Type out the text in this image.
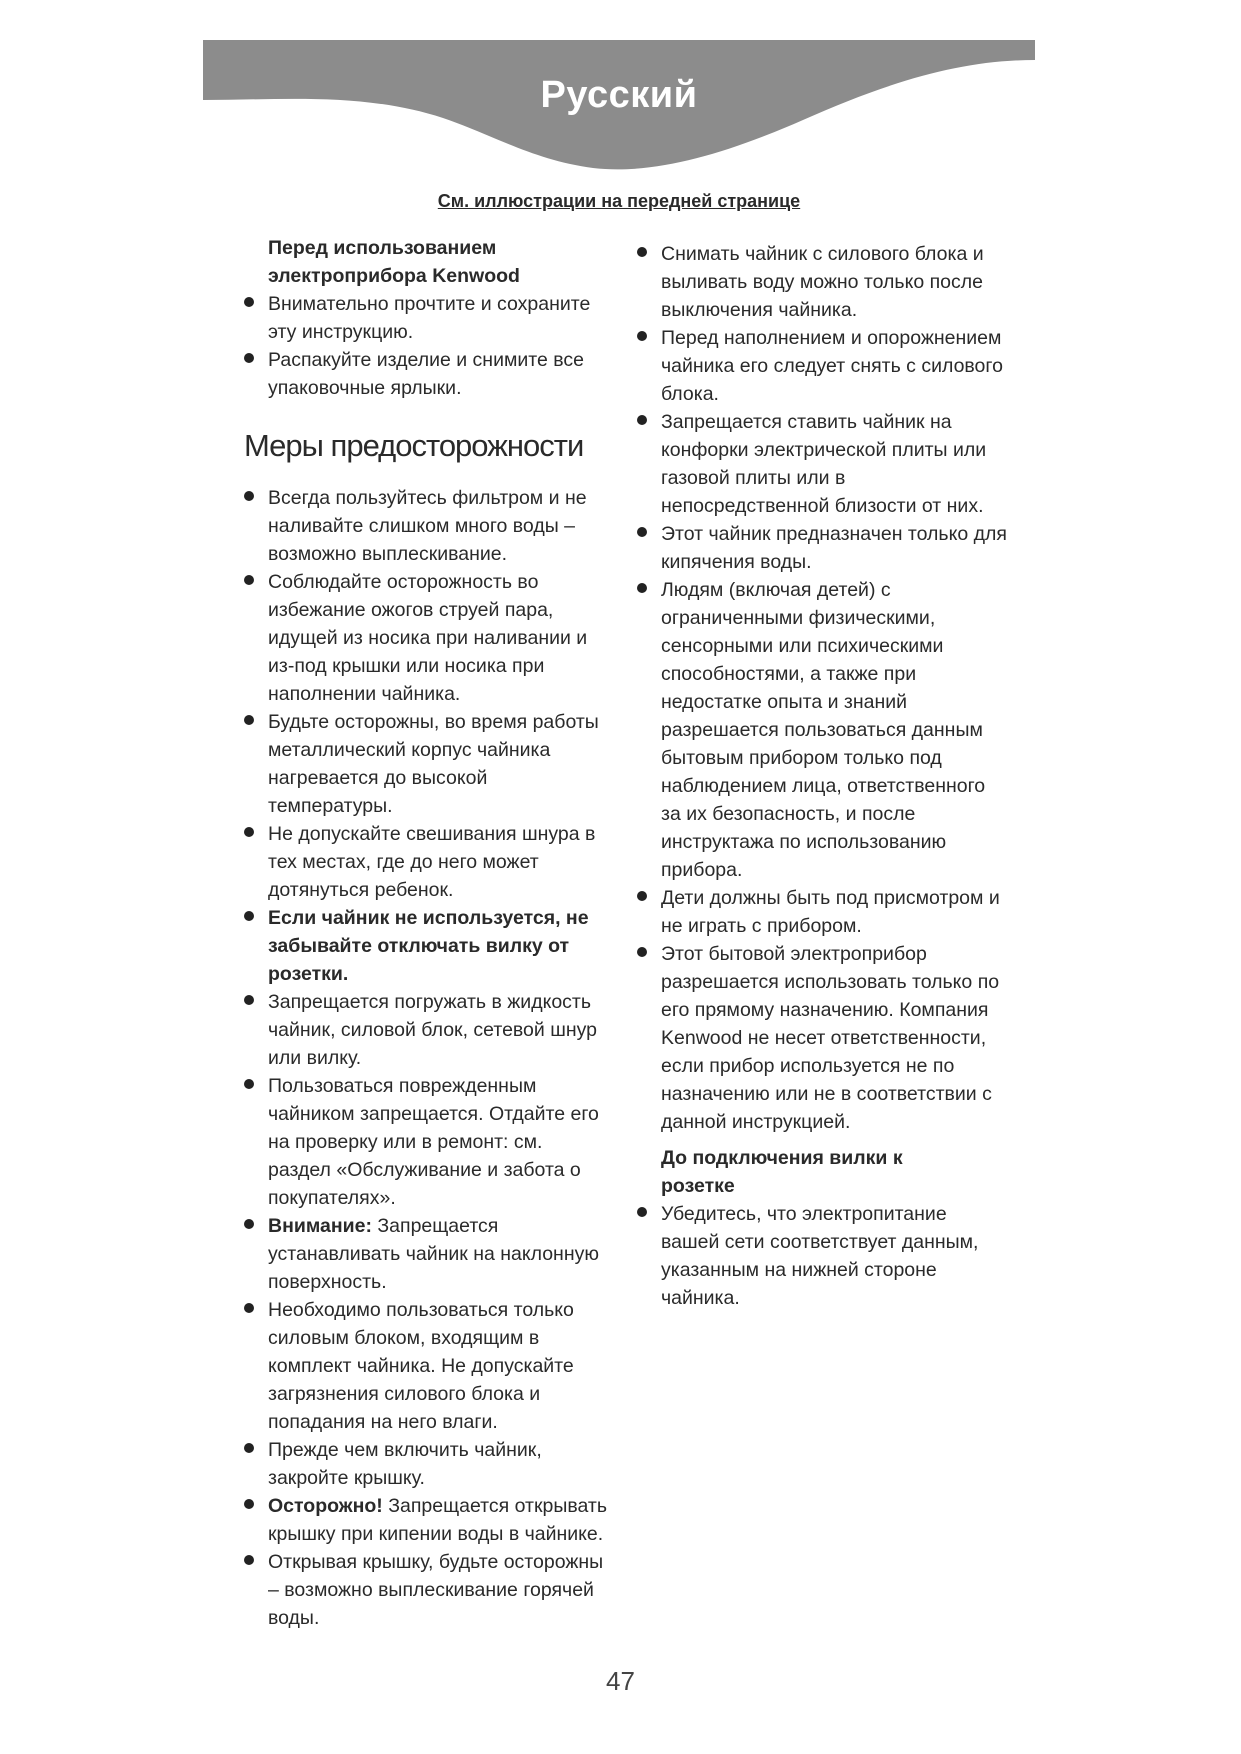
Русский
См. иллюстрации на передней странице
Перед использованием
электроприбора Kenwood
Внимательно прочтите и сохраните эту инструкцию.
Распакуйте изделие и снимите все упаковочные ярлыки.
Меры предосторожности
Всегда пользуйтесь фильтром и не наливайте слишком много воды – возможно выплескивание.
Соблюдайте осторожность во избежание ожогов струей пара, идущей из носика при наливании и из-под крышки или носика при наполнении чайника.
Будьте осторожны, во время работы металлический корпус чайника нагревается до высокой температуры.
Не допускайте свешивания шнура в тех местах, где до него может дотянуться ребенок.
Если чайник не используется, не забывайте отключать вилку от розетки.
Запрещается погружать в жидкость чайник, силовой блок, сетевой шнур или вилку.
Пользоваться поврежденным чайником запрещается. Отдайте его на проверку или в ремонт: см. раздел «Обслуживание и забота о покупателях».
Внимание: Запрещается устанавливать чайник на наклонную поверхность.
Необходимо пользоваться только силовым блоком, входящим в комплект чайника. Не допускайте загрязнения силового блока и попадания на него влаги.
Прежде чем включить чайник, закройте крышку.
Осторожно! Запрещается открывать крышку при кипении воды в чайнике.
Открывая крышку, будьте осторожны – возможно выплескивание горячей воды.
Снимать чайник с силового блока и выливать воду можно только после выключения чайника.
Перед наполнением и опорожнением чайника его следует снять с силового блока.
Запрещается ставить чайник на конфорки электрической плиты или газовой плиты или в непосредственной близости от них.
Этот чайник предназначен только для кипячения воды.
Людям (включая детей) с ограниченными физическими, сенсорными или психическими способностями, а также при недостатке опыта и знаний разрешается пользоваться данным бытовым прибором только под наблюдением лица, ответственного за их безопасность, и после инструктажа по использованию прибора.
Дети должны быть под присмотром и не играть с прибором.
Этот бытовой электроприбор разрешается использовать только по его прямому назначению. Компания Kenwood не несет ответственности, если прибор используется не по назначению или не в соответствии с данной инструкцией.
До подключения вилки к
розетке
Убедитесь, что электропитание вашей сети соответствует данным, указанным на нижней стороне чайника.
47
